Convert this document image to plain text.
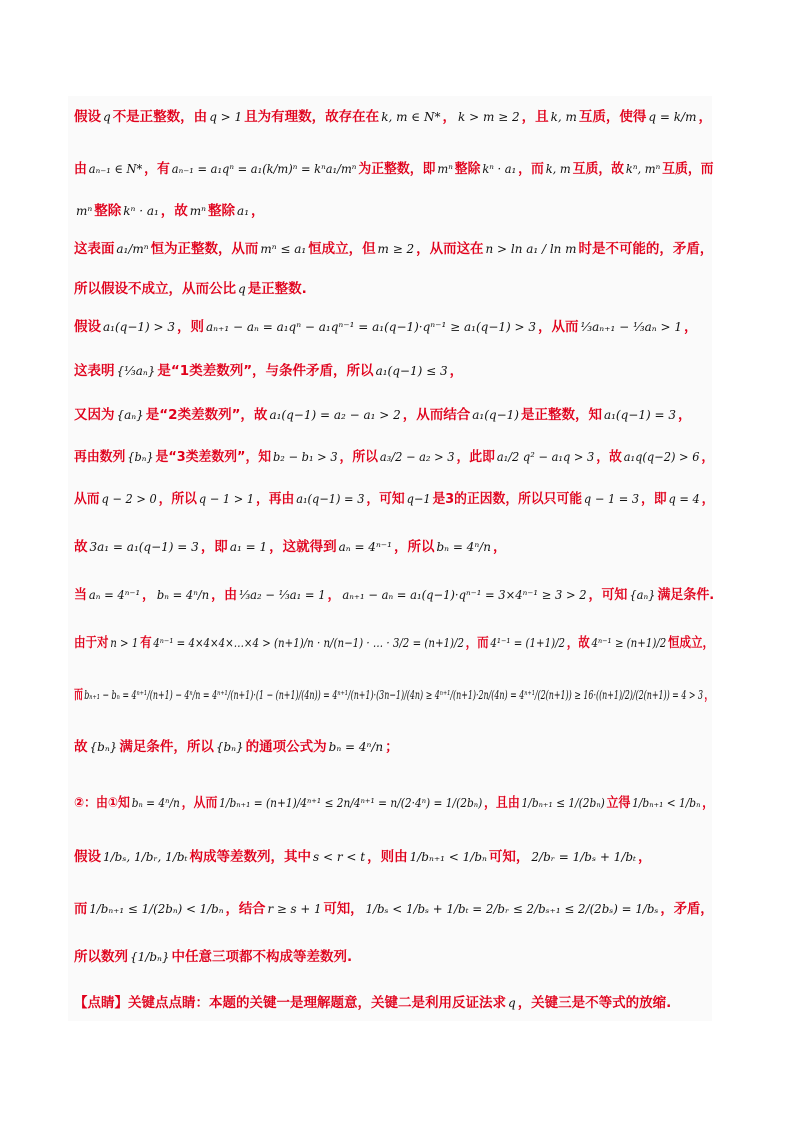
假设 q 不是正整数，由 q > 1 且为有理数，故存在在 k, m ∈ N* ， k > m ≥ 2 ，且 k, m 互质，使得 q = k/m ，
由 aₙ₋₁ ∈ N* ，有 aₙ₋₁ = a₁qⁿ = a₁(k/m)ⁿ = kⁿa₁/mⁿ 为正整数，即 mⁿ 整除 kⁿ · a₁ ，而 k, m 互质，故 kⁿ, mⁿ 互质，而
mⁿ 整除 kⁿ · a₁ ，故 mⁿ 整除 a₁ ，
这表面 a₁/mⁿ 恒为正整数，从而 mⁿ ≤ a₁ 恒成立，但 m ≥ 2 ，从而这在 n > ln a₁ / ln m 时是不可能的，矛盾，
所以假设不成立，从而公比 q 是正整数.
假设 a₁(q−1) > 3 ，则 aₙ₊₁ − aₙ = a₁qⁿ − a₁qⁿ⁻¹ = a₁(q−1)·qⁿ⁻¹ ≥ a₁(q−1) > 3 ，从而 ⅓aₙ₊₁ − ⅓aₙ > 1 ，
这表明 {⅓aₙ} 是“1类差数列”，与条件矛盾，所以 a₁(q−1) ≤ 3 ，
又因为 {aₙ} 是“2类差数列”，故 a₁(q−1) = a₂ − a₁ > 2 ，从而结合 a₁(q−1) 是正整数，知 a₁(q−1) = 3 ，
再由数列 {bₙ} 是“3类差数列”，知 b₂ − b₁ > 3 ，所以 a₃/2 − a₂ > 3 ，此即 a₁/2 q² − a₁q > 3 ，故 a₁q(q−2) > 6 ，
从而 q − 2 > 0 ，所以 q − 1 > 1 ，再由 a₁(q−1) = 3 ，可知 q−1 是3的正因数，所以只可能 q − 1 = 3 ，即 q = 4 ，
故 3a₁ = a₁(q−1) = 3 ，即 a₁ = 1 ，这就得到 aₙ = 4ⁿ⁻¹ ，所以 bₙ = 4ⁿ/n ，
当 aₙ = 4ⁿ⁻¹ ， bₙ = 4ⁿ/n ，由 ⅓a₂ − ⅓a₁ = 1 ， aₙ₊₁ − aₙ = a₁(q−1)·qⁿ⁻¹ = 3×4ⁿ⁻¹ ≥ 3 > 2 ，可知 {aₙ} 满足条件.
由于对 n > 1 有 4ⁿ⁻¹ = 4×4×4×…×4 > (n+1)/n · n/(n−1) · … · 3/2 = (n+1)/2 ，而 4¹⁻¹ = (1+1)/2 ，故 4ⁿ⁻¹ ≥ (n+1)/2 恒成立，
而bₙ₊₁ − bₙ = 4ⁿ⁺¹/(n+1) − 4ⁿ/n = 4ⁿ⁺¹/(n+1)·(1 − (n+1)/(4n)) = 4ⁿ⁺¹/(n+1)·(3n−1)/(4n) ≥ 4ⁿ⁺¹/(n+1)·2n/(4n) = 4ⁿ⁺¹/(2(n+1)) ≥ 16·((n+1)/2)/(2(n+1)) = 4 > 3，
故 {bₙ} 满足条件，所以 {bₙ} 的通项公式为 bₙ = 4ⁿ/n ；
②：由①知 bₙ = 4ⁿ/n ，从而 1/bₙ₊₁ = (n+1)/4ⁿ⁺¹ ≤ 2n/4ⁿ⁺¹ = n/(2·4ⁿ) = 1/(2bₙ) ，且由 1/bₙ₊₁ ≤ 1/(2bₙ) 立得 1/bₙ₊₁ < 1/bₙ ，
假设 1/bₛ, 1/bᵣ, 1/bₜ 构成等差数列，其中 s < r < t ，则由 1/bₙ₊₁ < 1/bₙ 可知， 2/bᵣ = 1/bₛ + 1/bₜ ，
而 1/bₙ₊₁ ≤ 1/(2bₙ) < 1/bₙ ，结合 r ≥ s + 1 可知， 1/bₛ < 1/bₛ + 1/bₜ = 2/bᵣ ≤ 2/bₛ₊₁ ≤ 2/(2bₛ) = 1/bₛ ，矛盾，
所以数列 {1/bₙ} 中任意三项都不构成等差数列.
【点睛】关键点点睛：本题的关键一是理解题意，关键二是利用反证法求 q ，关键三是不等式的放缩.
